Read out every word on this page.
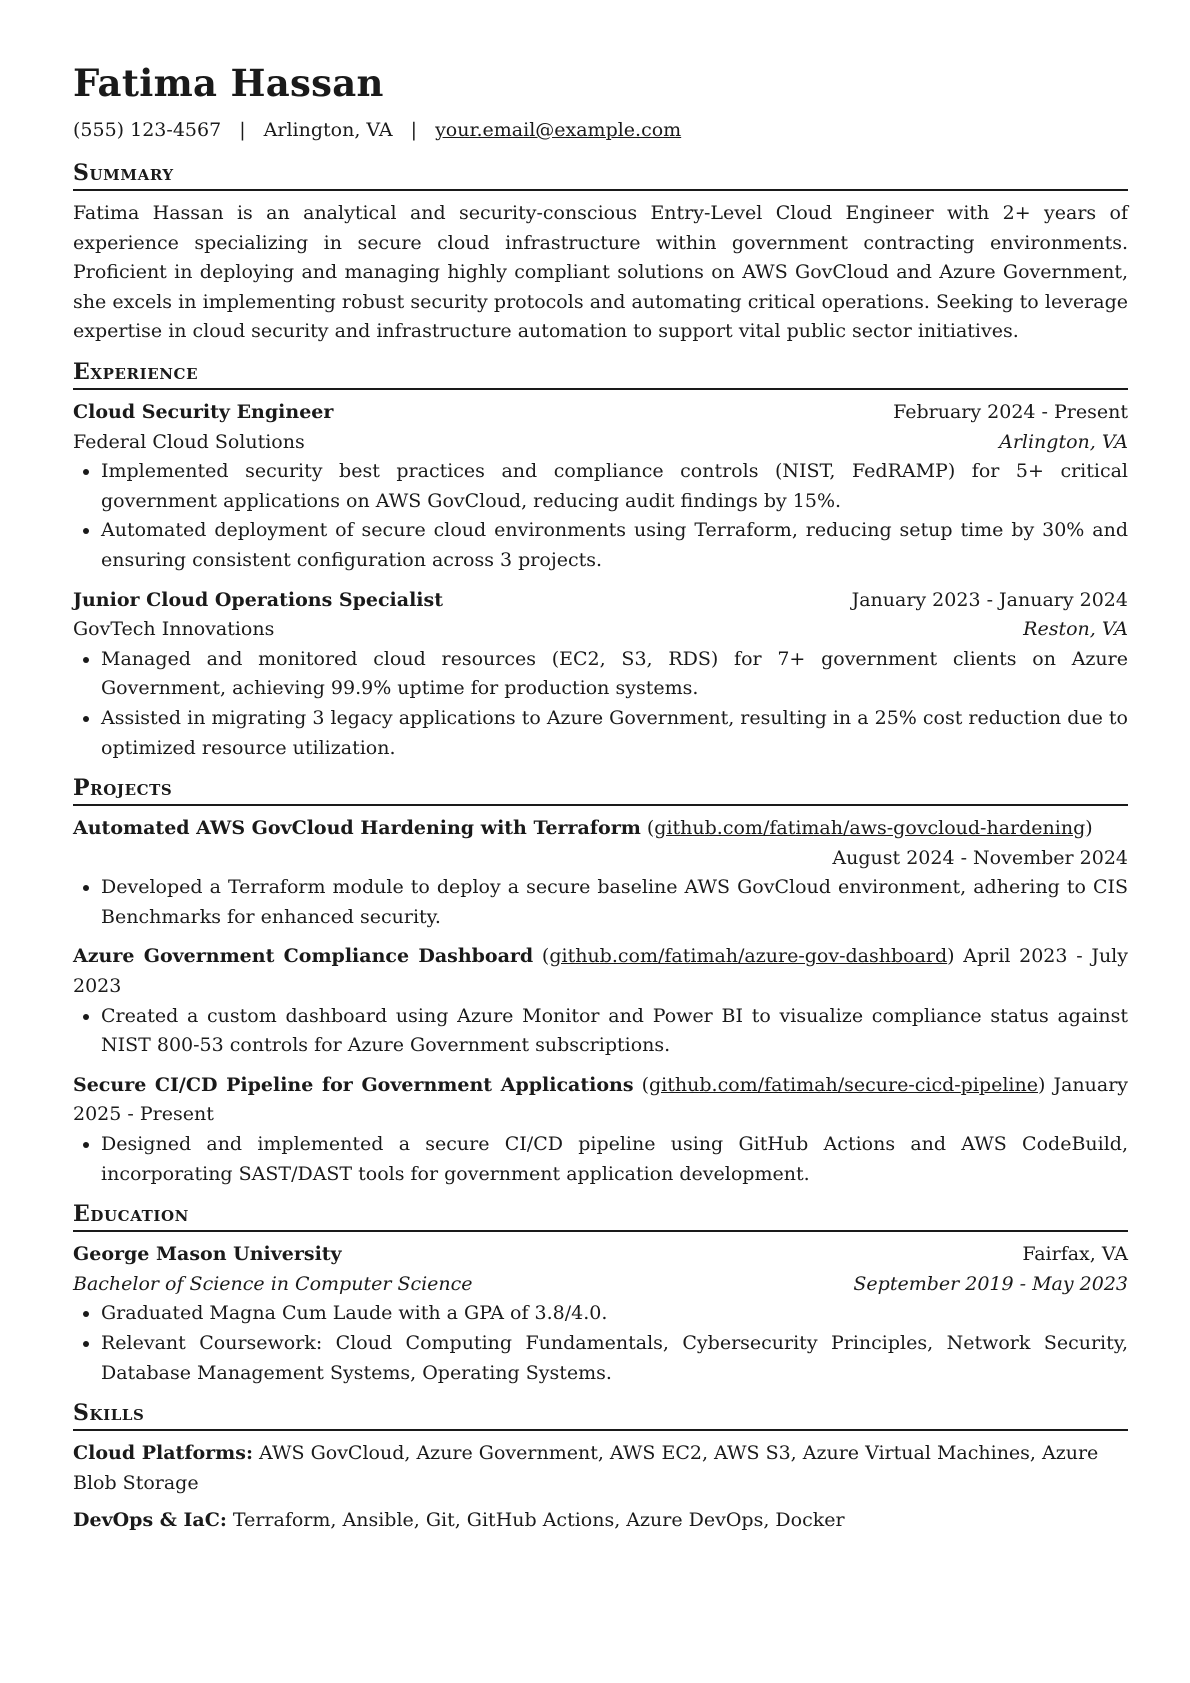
Fatima Hassan
(555) 123-4567 | Arlington, VA | your.email@example.com
Summary

Fatima Hassan is an analytical and security-conscious Entry-Level Cloud Engineer with 2+ years of experience specializing in secure cloud infrastructure within government contracting environments. Proficient in deploying and managing highly compliant solutions on AWS GovCloud and Azure Government, she excels in implementing robust security protocols and automating critical operations. Seeking to leverage expertise in cloud security and infrastructure automation to support vital public sector initiatives.

Experience
Cloud Security Engineer	February 2024 - Present
Federal Cloud Solutions	Arlington, VA
• Implemented security best practices and compliance controls (NIST, FedRAMP) for 5+ critical government applications on AWS GovCloud, reducing audit findings by 15%.
• Automated deployment of secure cloud environments using Terraform, reducing setup time by 30% and ensuring consistent configuration across 3 projects.
Junior Cloud Operations Specialist	January 2023 - January 2024
GovTech Innovations	Reston, VA
• Managed and monitored cloud resources (EC2, S3, RDS) for 7+ government clients on Azure Government, achieving 99.9% uptime for production systems.
• Assisted in migrating 3 legacy applications to Azure Government, resulting in a 25% cost reduction due to optimized resource utilization.
Projects
Automated AWS GovCloud Hardening with Terraform (github.com/fatimah/aws-govcloud-hardening)
August 2024 - November 2024
• Developed a Terraform module to deploy a secure baseline AWS GovCloud environment, adhering to CIS Benchmarks for enhanced security.
Azure Government Compliance Dashboard (github.com/fatimah/azure-gov-dashboard) April 2023 - July 2023
• Created a custom dashboard using Azure Monitor and Power BI to visualize compliance status against NIST 800-53 controls for Azure Government subscriptions.
Secure CI/CD Pipeline for Government Applications (github.com/fatimah/secure-cicd-pipeline) January 2025 - Present
• Designed and implemented a secure CI/CD pipeline using GitHub Actions and AWS CodeBuild, incorporating SAST/DAST tools for government application development.
Education
George Mason University	Fairfax, VA
Bachelor of Science in Computer Science	September 2019 - May 2023
• Graduated Magna Cum Laude with a GPA of 3.8/4.0.
• Relevant Coursework: Cloud Computing Fundamentals, Cybersecurity Principles, Network Security, Database Management Systems, Operating Systems.
Skills
Cloud Platforms: AWS GovCloud, Azure Government, AWS EC2, AWS S3, Azure Virtual Machines, Azure Blob Storage
DevOps & IaC: Terraform, Ansible, Git, GitHub Actions, Azure DevOps, Docker
